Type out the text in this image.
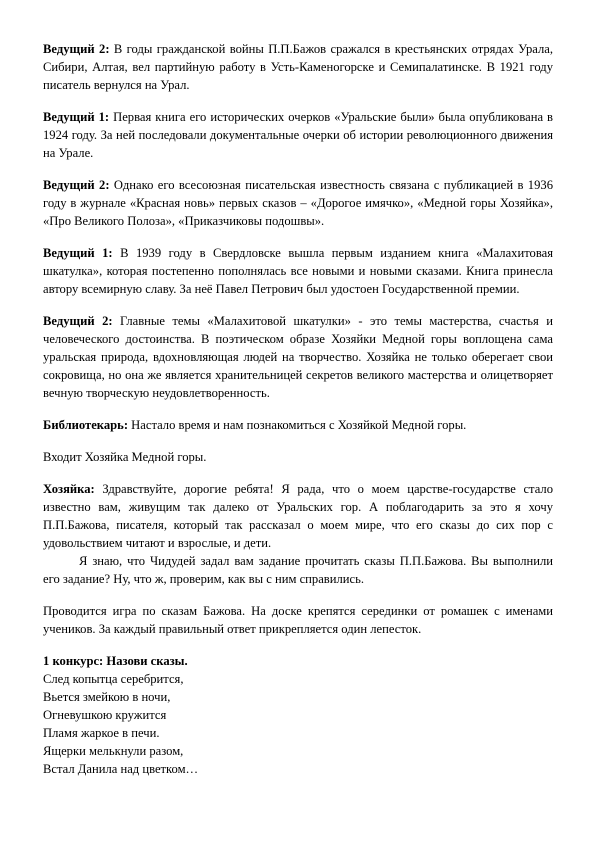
Ведущий 2: В годы гражданской войны П.П.Бажов сражался в крестьянских отрядах Урала, Сибири, Алтая, вел партийную работу в Усть-Каменогорске и Семипалатинске. В 1921 году писатель вернулся на Урал.

Ведущий 1: Первая книга его исторических очерков «Уральские были» была опубликована в 1924 году. За ней последовали документальные очерки об истории революционного движения на Урале.

Ведущий 2: Однако его всесоюзная писательская известность связана с публикацией в 1936 году в журнале «Красная новь» первых сказов – «Дорогое имячко», «Медной горы Хозяйка», «Про Великого Полоза», «Приказчиковы подошвы».

Ведущий 1: В 1939 году в Свердловске вышла первым изданием книга «Малахитовая шкатулка», которая постепенно пополнялась все новыми и новыми сказами. Книга принесла автору всемирную славу. За неё Павел Петрович был удостоен Государственной премии.

Ведущий 2: Главные темы «Малахитовой шкатулки» - это темы мастерства, счастья и человеческого достоинства. В поэтическом образе Хозяйки Медной горы воплощена сама уральская природа, вдохновляющая людей на творчество. Хозяйка не только оберегает свои сокровища, но она же является хранительницей секретов великого мастерства и олицетворяет вечную творческую неудовлетворенность.

Библиотекарь: Настало время и нам познакомиться с Хозяйкой Медной горы.

Входит Хозяйка Медной горы.

Хозяйка: Здравствуйте, дорогие ребята! Я рада, что о моем царстве-государстве стало известно вам, живущим так далеко от Уральских гор. А поблагодарить за это я хочу П.П.Бажова, писателя, который так рассказал о моем мире, что его сказы до сих пор с удовольствием читают и взрослые, и дети.

Я знаю, что Чидудей задал вам задание прочитать сказы П.П.Бажова. Вы выполнили его задание? Ну, что ж, проверим, как вы с ним справились.

Проводится игра по сказам Бажова. На доске крепятся серединки от ромашек с именами учеников. За каждый правильный ответ прикрепляется один лепесток.

1 конкурс: Назови сказы.
След копытца серебрится,
Вьется змейкою в ночи,
Огневушкою кружится
Пламя жаркое в печи.
Ящерки мелькнули разом,
Встал Данила над цветком…
